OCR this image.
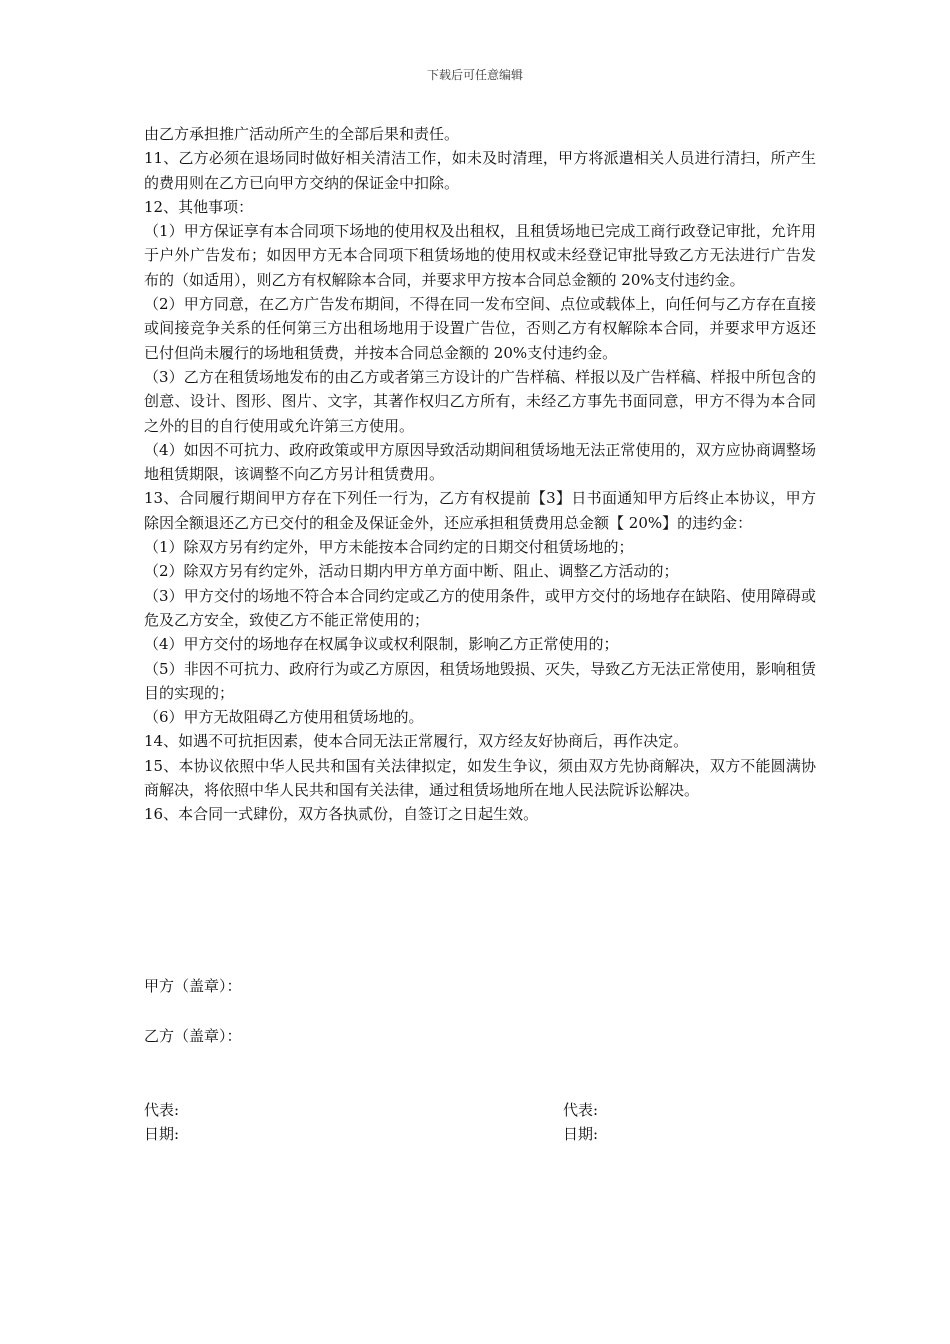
下载后可任意编辑

由乙方承担推广活动所产生的全部后果和责任。

11、乙方必须在退场同时做好相关清洁工作，如未及时清理，甲方将派遣相关人员进行清扫，所产生的费用则在乙方已向甲方交纳的保证金中扣除。

12、其他事项：

（1）甲方保证享有本合同项下场地的使用权及出租权，且租赁场地已完成工商行政登记审批，允许用于户外广告发布；如因甲方无本合同项下租赁场地的使用权或未经登记审批导致乙方无法进行广告发布的（如适用），则乙方有权解除本合同，并要求甲方按本合同总金额的 20%支付违约金。

（2）甲方同意，在乙方广告发布期间，不得在同一发布空间、点位或载体上，向任何与乙方存在直接或间接竞争关系的任何第三方出租场地用于设置广告位，否则乙方有权解除本合同，并要求甲方返还已付但尚未履行的场地租赁费，并按本合同总金额的 20%支付违约金。

（3）乙方在租赁场地发布的由乙方或者第三方设计的广告样稿、样报以及广告样稿、样报中所包含的创意、设计、图形、图片、文字，其著作权归乙方所有，未经乙方事先书面同意，甲方不得为本合同之外的目的自行使用或允许第三方使用。

（4）如因不可抗力、政府政策或甲方原因导致活动期间租赁场地无法正常使用的，双方应协商调整场地租赁期限，该调整不向乙方另计租赁费用。

13、合同履行期间甲方存在下列任一行为，乙方有权提前【3】日书面通知甲方后终止本协议，甲方除因全额退还乙方已交付的租金及保证金外，还应承担租赁费用总金额【 20%】的违约金：

（1）除双方另有约定外，甲方未能按本合同约定的日期交付租赁场地的；

（2）除双方另有约定外，活动日期内甲方单方面中断、阻止、调整乙方活动的；

（3）甲方交付的场地不符合本合同约定或乙方的使用条件，或甲方交付的场地存在缺陷、使用障碍或危及乙方安全，致使乙方不能正常使用的；

（4）甲方交付的场地存在权属争议或权利限制，影响乙方正常使用的；

（5）非因不可抗力、政府行为或乙方原因，租赁场地毁损、灭失，导致乙方无法正常使用，影响租赁目的实现的；

（6）甲方无故阻碍乙方使用租赁场地的。

14、如遇不可抗拒因素，使本合同无法正常履行，双方经友好协商后，再作决定。

15、本协议依照中华人民共和国有关法律拟定，如发生争议，须由双方先协商解决，双方不能圆满协商解决，将依照中华人民共和国有关法律，通过租赁场地所在地人民法院诉讼解决。

16、本合同一式肆份，双方各执贰份，自签订之日起生效。

甲方（盖章）：
乙方（盖章）：
代表:
日期:
代表:
日期:
